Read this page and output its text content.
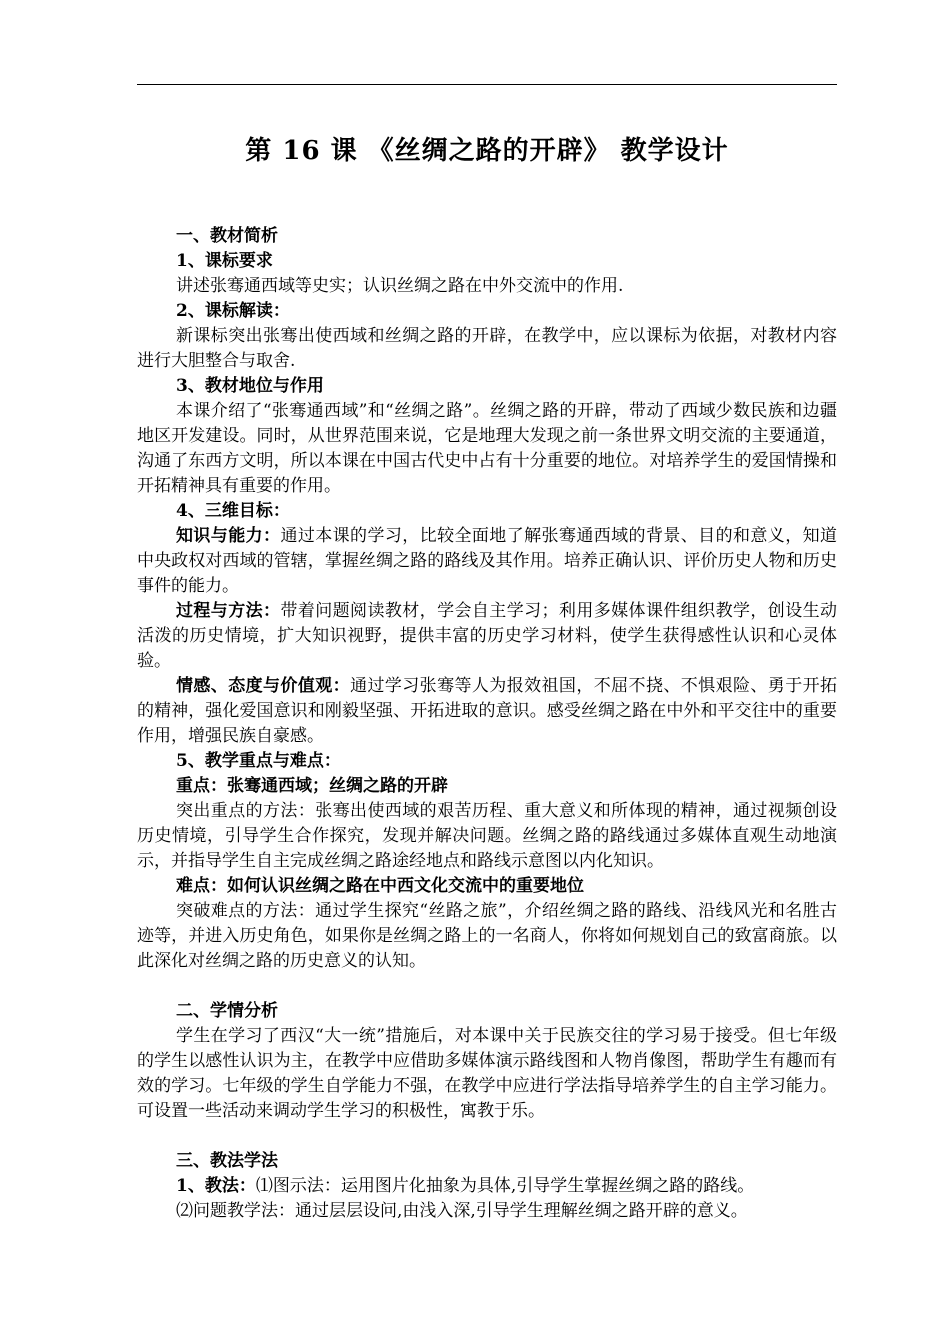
第 16 课 《丝绸之路的开辟》 教学设计

一、教材简析

1、课标要求

讲述张骞通西域等史实；认识丝绸之路在中外交流中的作用.

2、课标解读：

新课标突出张骞出使西域和丝绸之路的开辟，在教学中，应以课标为依据，对教材内容进行大胆整合与取舍.

3、教材地位与作用

本课介绍了“张骞通西域”和“丝绸之路”。丝绸之路的开辟，带动了西域少数民族和边疆地区开发建设。同时，从世界范围来说，它是地理大发现之前一条世界文明交流的主要通道，沟通了东西方文明，所以本课在中国古代史中占有十分重要的地位。对培养学生的爱国情操和开拓精神具有重要的作用。

4、三维目标：

知识与能力：通过本课的学习，比较全面地了解张骞通西域的背景、目的和意义，知道中央政权对西域的管辖，掌握丝绸之路的路线及其作用。培养正确认识、评价历史人物和历史事件的能力。

过程与方法：带着问题阅读教材，学会自主学习；利用多媒体课件组织教学，创设生动活泼的历史情境，扩大知识视野，提供丰富的历史学习材料，使学生获得感性认识和心灵体验。

情感、态度与价值观：通过学习张骞等人为报效祖国，不屈不挠、不惧艰险、勇于开拓的精神，强化爱国意识和刚毅坚强、开拓进取的意识。感受丝绸之路在中外和平交往中的重要作用，增强民族自豪感。

5、教学重点与难点：

重点：张骞通西域；丝绸之路的开辟

突出重点的方法：张骞出使西域的艰苦历程、重大意义和所体现的精神，通过视频创设历史情境，引导学生合作探究，发现并解决问题。丝绸之路的路线通过多媒体直观生动地演示，并指导学生自主完成丝绸之路途经地点和路线示意图以内化知识。

难点：如何认识丝绸之路在中西文化交流中的重要地位

突破难点的方法：通过学生探究“丝路之旅”，介绍丝绸之路的路线、沿线风光和名胜古迹等，并进入历史角色，如果你是丝绸之路上的一名商人，你将如何规划自己的致富商旅。以此深化对丝绸之路的历史意义的认知。

二、学情分析

学生在学习了西汉“大一统”措施后，对本课中关于民族交往的学习易于接受。但七年级的学生以感性认识为主，在教学中应借助多媒体演示路线图和人物肖像图，帮助学生有趣而有效的学习。七年级的学生自学能力不强，在教学中应进行学法指导培养学生的自主学习能力。可设置一些活动来调动学生学习的积极性，寓教于乐。

三、教法学法

1、教法：⑴图示法：运用图片化抽象为具体,引导学生掌握丝绸之路的路线。

⑵问题教学法：通过层层设问,由浅入深,引导学生理解丝绸之路开辟的意义。
